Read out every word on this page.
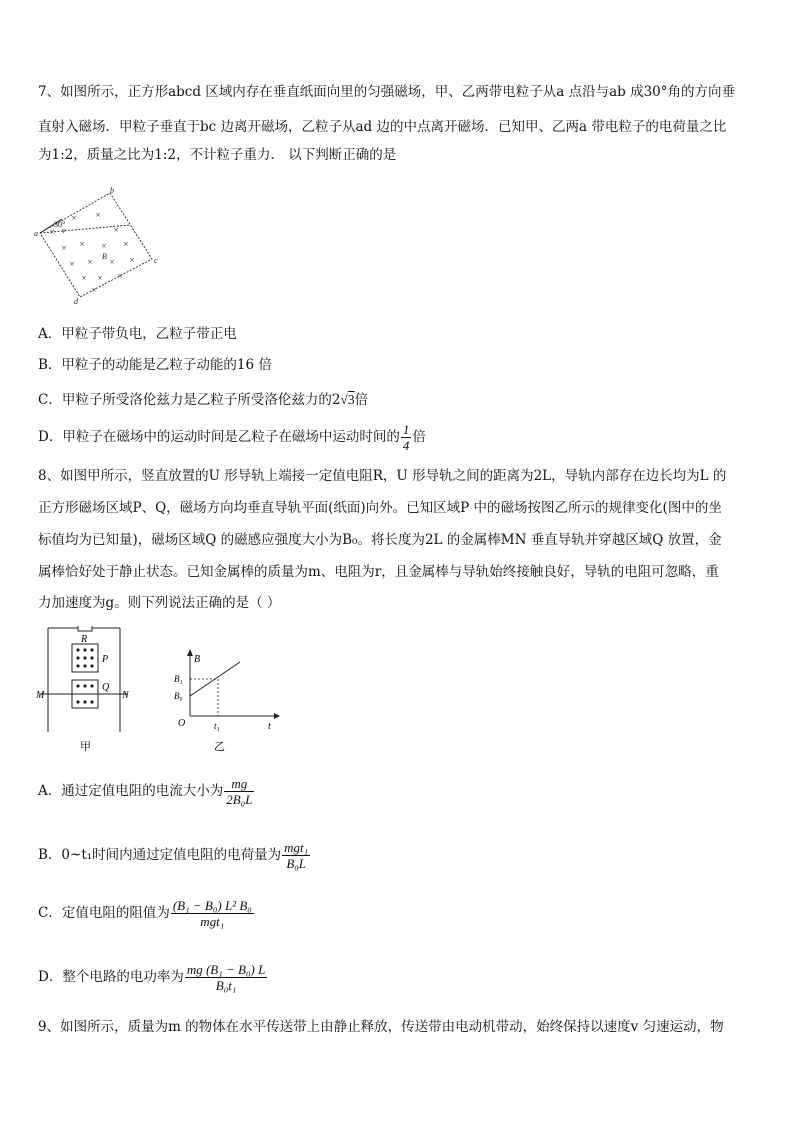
7、如图所示，正方形abcd 区域内存在垂直纸面向里的匀强磁场，甲、乙两带电粒子从a 点沿与ab 成30°角的方向垂
直射入磁场．甲粒子垂直于bc 边离开磁场，乙粒子从ad 边的中点离开磁场．已知甲、乙两a 带电粒子的电荷量之比
为1:2，质量之比为1:2，不计粒子重力． 以下判断正确的是
× ×
×	×
× × × ×
× × × ×
× × ×
×
a
b
c
d
v
B
30°
A．甲粒子带负电，乙粒子带正电
B．甲粒子的动能是乙粒子动能的16 倍
C．甲粒子所受洛伦兹力是乙粒子所受洛伦兹力的2√3倍
D．甲粒子在磁场中的运动时间是乙粒子在磁场中运动时间的 $\frac{1}{4}$ 倍
8、如图甲所示，竖直放置的U 形导轨上端接一定值电阻R，U 形导轨之间的距离为2L，导轨内部存在边长均为L 的
正方形磁场区域P、Q，磁场方向均垂直导轨平面(纸面)向外。已知区域P 中的磁场按图乙所示的规律变化(图中的坐
标值均为已知量)，磁场区域Q 的磁感应强度大小为B₀。将长度为2L 的金属棒MN 垂直导轨并穿越区域Q 放置，金
属棒恰好处于静止状态。已知金属棒的质量为m、电阻为r，且金属棒与导轨始终接触良好，导轨的电阻可忽略，重
力加速度为g。则下列说法正确的是（ ）
R
P
Q
M	N
甲
B
B₁
B₀
O	t₁	t
乙
A．通过定值电阻的电流大小为 $\frac{mg}{\text{2B₀L}}$
B．0~t₁时间内通过定值电阻的电荷量为 $\frac{\text{mgt₁}}{\text{B₀L}}$
C．定值电阻的阻值为 $\frac{\text{(B₁ − B₀) L² B₀}}{\text{mgt₁}}$
D．整个电路的电功率为 $\frac{\text{mg (B₁ − B₀) L}}{\text{B₀t₁}}$
9、如图所示，质量为m 的物体在水平传送带上由静止释放，传送带由电动机带动，始终保持以速度v 匀速运动，物
